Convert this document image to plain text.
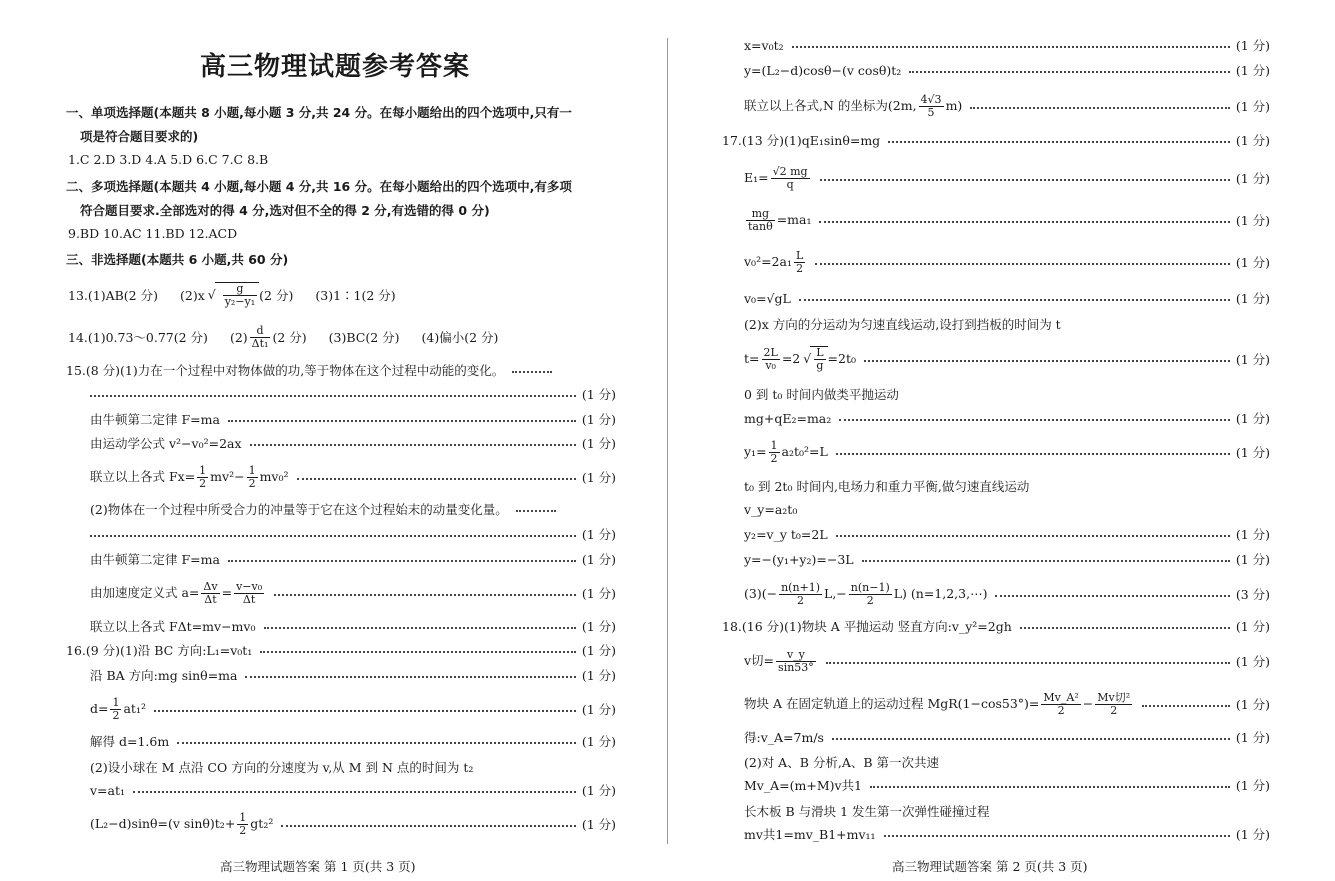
高三物理试题参考答案
一、单项选择题(本题共 8 小题,每小题 3 分,共 24 分。在每小题给出的四个选项中,只有一
项是符合题目要求的)
1.C 2.D 3.D 4.A 5.D 6.C 7.C 8.B
二、多项选择题(本题共 4 小题,每小题 4 分,共 16 分。在每小题给出的四个选项中,有多项
符合题目要求.全部选对的得 4 分,选对但不全的得 2 分,有选错的得 0 分)
9.BD 10.AC 11.BD 12.ACD
三、非选择题(本题共 6 小题,共 60 分)
13.(1)AB(2 分) (2)x
√ $\frac{g}{\text{y₂−y₁}} (2$ 分) (3)1∶1(2 分)
14.(1)0.73～0.77(2 分) $(2) \frac{d}{\text{Δt₁}} (2$ 分) (3)BC(2 分) (4)偏小(2 分)
15.(8 分)(1)力在一个过程中对物体做的功,等于物体在这个过程中动能的变化。
(1 分)
由牛顿第二定律 F=ma	(1 分)
由运动学公式 v²−v₀²=2ax	(1 分)
联立以上各式 $Fx= \frac{1}{2} mv^2- \frac{1}{2} mv_0^2$	(1 分)
(2)物体在一个过程中所受合力的冲量等于它在这个过程始末的动量变化量。
(1 分)
由牛顿第二定律 F=ma	(1 分)
由加速度定义式 $a= \frac{\Delta v}{\Delta t} = \frac{\text{v−v₀}}{\Delta t}$	(1 分)
联立以上各式 FΔt=mv−mv₀	(1 分)
16.(9 分)(1)沿 BC 方向:L₁=v₀t₁	(1 分)
沿 BA 方向:mg sinθ=ma	(1 分)
$d= \frac{1}{2} at_1^2$	(1 分)
解得 d=1.6m	(1 分)
(2)设小球在 M 点沿 CO 方向的分速度为 v,从 M 到 N 点的时间为 t₂
v=at₁	(1 分)
(L₂−d)sinθ=(v $\sin\theta)t_2+ \frac{1}{2} gt_2^2$	(1 分)
高三物理试题答案 第 1 页(共 3 页)
x=v₀t₂	(1 分)
y=(L₂−d)cosθ−(v cosθ)t₂	(1 分)
联立以上各式,N 的坐标为(2m, $\frac{4√3}{5} m$)	(1 分)
17.(13 分)(1)qE₁sinθ=mg	(1 分)
$E_1= \frac{√2 mg}{q}$	(1 分)
$\frac{mg}{\tan\theta} =ma_1$	(1 分)
$v_0^2=2a_1 \frac{L}{2}$	(1 分)
v₀=√gL	(1 分)
(2)x 方向的分运动为匀速直线运动,设打到挡板的时间为 t
$t= \frac{2L}{\text{v₀}} =2$ √ $\frac{L}{g} =2t_0$	(1 分)
0 到 t₀ 时间内做类平抛运动
mg+qE₂=ma₂	(1 分)
$y_1= \frac{1}{2} a_2t_0^2=L$	(1 分)
t₀ 到 2t₀ 时间内,电场力和重力平衡,做匀速直线运动
v_y=a₂t₀
y₂=v_y t₀=2L	(1 分)
y=−(y₁+y₂)=−3L	(1 分)
$(3)(- \frac{n(n+1)}{2} L,- \frac{n(n-1)}{2} L)$ (n=1,2,3,⋯)	(3 分)
18.(16 分)(1)物块 A 平抛运动 竖直方向:v_y²=2gh	(1 分)
v切= $\frac{v\_y}{\sin 53^\circ}$	(1 分)
物块 A 在固定轨道上的运动过程 $MgR(1-\cos 53^\circ)= \frac{\text{Mv\_A²}}{2} - \frac{\text{Mv切²}}{2}$	(1 分)
得:v_A=7m/s	(1 分)
(2)对 A、B 分析,A、B 第一次共速
Mv_A=(m+M)v共1	(1 分)
长木板 B 与滑块 1 发生第一次弹性碰撞过程
mv共1=mv_B1+mv₁₁	(1 分)
高三物理试题答案 第 2 页(共 3 页)
